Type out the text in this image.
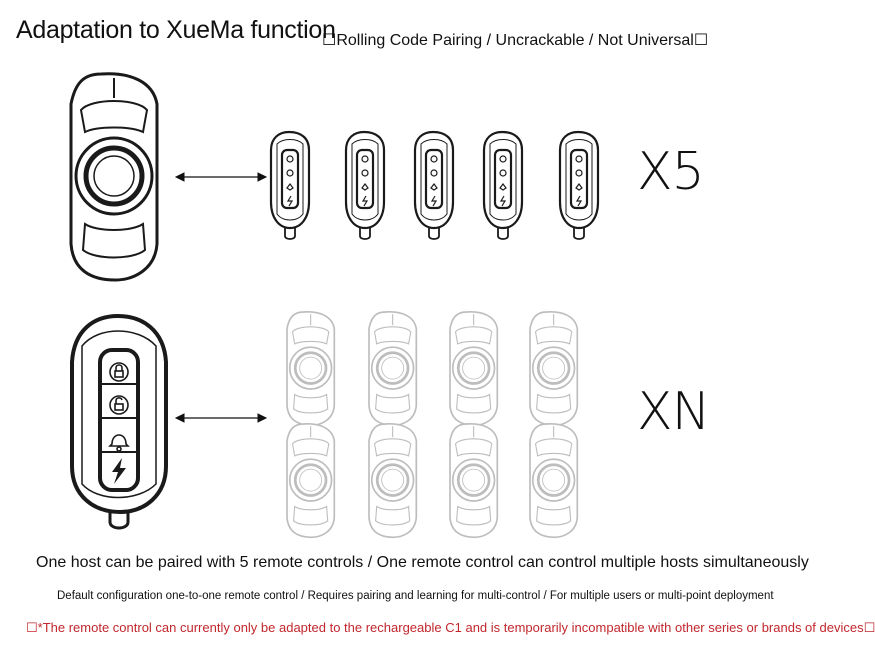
Adaptation to XueMa function
☐Rolling Code Pairing / Uncrackable / Not Universal☐
X5
XN
One host can be paired with 5 remote controls / One remote control can control multiple hosts simultaneously
Default configuration one-to-one remote control / Requires pairing and learning for multi-control / For multiple users or multi-point deployment
☐*The remote control can currently only be adapted to the rechargeable C1 and is temporarily incompatible with other series or brands of devices☐
